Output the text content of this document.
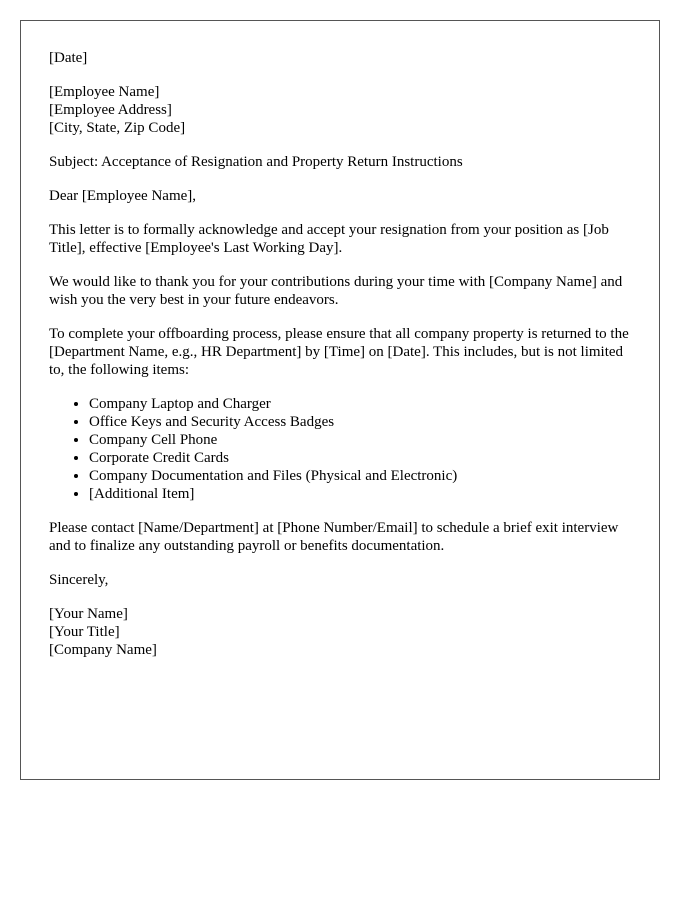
[Date]
[Employee Name]
[Employee Address]
[City, State, Zip Code]
Subject: Acceptance of Resignation and Property Return Instructions
Dear [Employee Name],
This letter is to formally acknowledge and accept your resignation from your position as [Job Title], effective [Employee's Last Working Day].
We would like to thank you for your contributions during your time with [Company Name] and wish you the very best in your future endeavors.
To complete your offboarding process, please ensure that all company property is returned to the [Department Name, e.g., HR Department] by [Time] on [Date]. This includes, but is not limited to, the following items:
• Company Laptop and Charger
• Office Keys and Security Access Badges
• Company Cell Phone
• Corporate Credit Cards
• Company Documentation and Files (Physical and Electronic)
• [Additional Item]
Please contact [Name/Department] at [Phone Number/Email] to schedule a brief exit interview and to finalize any outstanding payroll or benefits documentation.
Sincerely,
[Your Name]
[Your Title]
[Company Name]
